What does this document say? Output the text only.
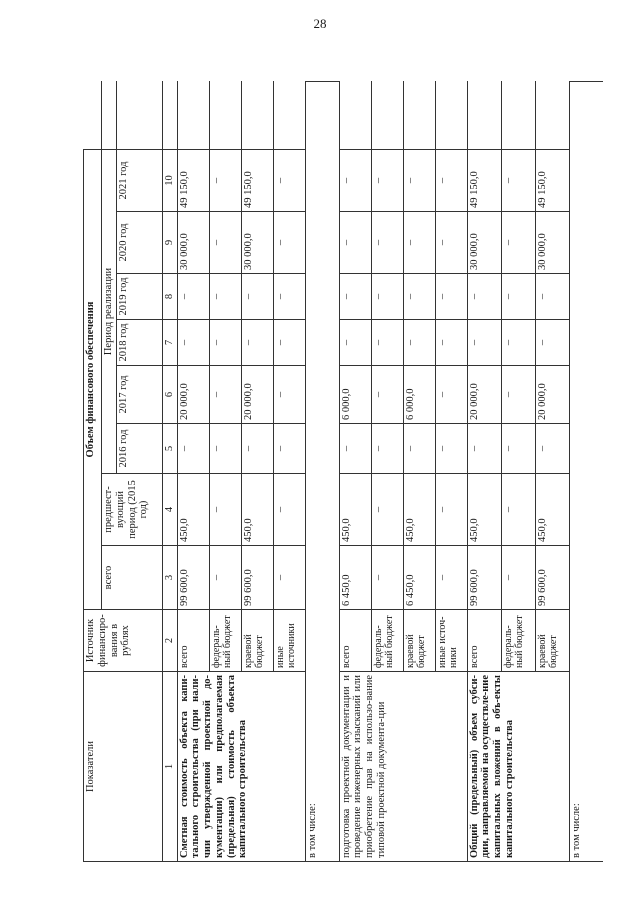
28
Показатели	Источник финансиро-вания в рублях	Объем финансового обеспечения								
		всего	предшест-вующий период (2015 год)	Период реализации						
				2016 год	2017 год	2018 год	2019 год	2020 год	2021 год	
1	2	3	4	5	6	7	8	9	10	
Сметная стоимость объекта капи-тального строительства (при нали-чии утвержденной проектной до-кументации) или предполагаемая (предельная) стоимость объекта капитального строительства	всего	99 600,0	450,0	–	20 000,0	–	–	30 000,0	49 150,0	
	федераль-ный бюджет	–	–	–	–	–	–	–	–	
	краевой бюджет	99 600,0	450,0	–	20 000,0	–	–	30 000,0	49 150,0	
	иные источники	–	–	–	–	–	–	–	–	
в том числе:										
подготовка проектной документации и проведение инженерных изысканий или приобретение прав на использо-вание типовой проектной документа-ции	всего	6 450,0	450,0	–	6 000,0	–	–	–	–	
	федераль-ный бюджет	–	–	–	–	–	–	–	–	
	краевой бюджет	6 450,0	450,0	–	6 000,0	–	–	–	–	
	иные источ-ники	–	–	–	–	–	–	–	–	
Общий (предельный) объем субси-дии, направляемой на осуществле-ние капитальных вложений в объ-екты капитального строительства	всего	99 600,0	450,0	–	20 000,0	–	–	30 000,0	49 150,0	
	федераль-ный бюджет	–	–	–	–	–	–	–	–	
	краевой бюджет	99 600,0	450,0	–	20 000,0	–	–	30 000,0	49 150,0	
в том числе:										
